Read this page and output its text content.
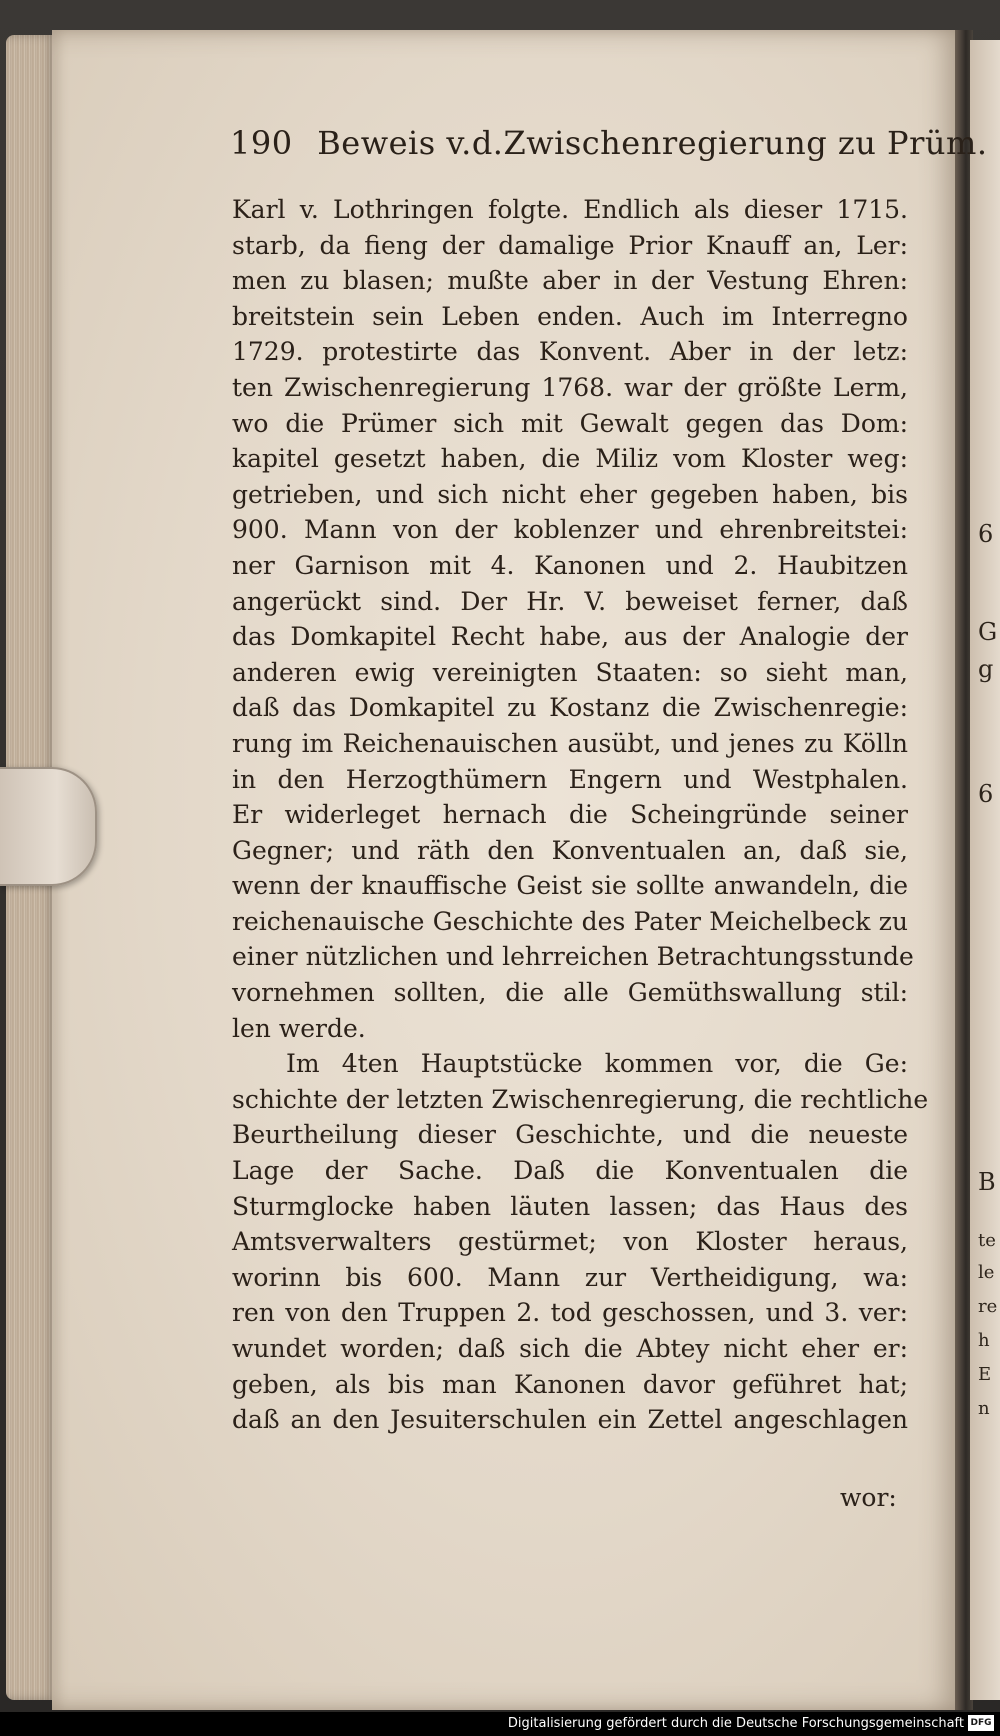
6
G
g
6
B
te
le
re
h
E
n
190 Beweis v.d.Zwischenregierung zu Prüm.
Karl v. Lothringen folgte. Endlich als dieser 1715.
starb, da fieng der damalige Prior Knauff an, Ler:
men zu blasen; mußte aber in der Vestung Ehren:
breitstein sein Leben enden. Auch im Interregno
1729. protestirte das Konvent. Aber in der letz:
ten Zwischenregierung 1768. war der größte Lerm,
wo die Prümer sich mit Gewalt gegen das Dom:
kapitel gesetzt haben, die Miliz vom Kloster weg:
getrieben, und sich nicht eher gegeben haben, bis
900. Mann von der koblenzer und ehrenbreitstei:
ner Garnison mit 4. Kanonen und 2. Haubitzen
angerückt sind. Der Hr. V. beweiset ferner, daß
das Domkapitel Recht habe, aus der Analogie der
anderen ewig vereinigten Staaten: so sieht man,
daß das Domkapitel zu Kostanz die Zwischenregie:
rung im Reichenauischen ausübt, und jenes zu Kölln
in den Herzogthümern Engern und Westphalen.
Er widerleget hernach die Scheingründe seiner
Gegner; und räth den Konventualen an, daß sie,
wenn der knauffische Geist sie sollte anwandeln, die
reichenauische Geschichte des Pater Meichelbeck zu
einer nützlichen und lehrreichen Betrachtungsstunde
vornehmen sollten, die alle Gemüthswallung stil:
len werde.
Im 4ten Hauptstücke kommen vor, die Ge:
schichte der letzten Zwischenregierung, die rechtliche
Beurtheilung dieser Geschichte, und die neueste
Lage der Sache. Daß die Konventualen die
Sturmglocke haben läuten lassen; das Haus des
Amtsverwalters gestürmet; von Kloster heraus,
worinn bis 600. Mann zur Vertheidigung, wa:
ren von den Truppen 2. tod geschossen, und 3. ver:
wundet worden; daß sich die Abtey nicht eher er:
geben, als bis man Kanonen davor geführet hat;
daß an den Jesuiterschulen ein Zettel angeschlagen
wor:
Digitalisierung gefördert durch die Deutsche Forschungsgemeinschaft DFG
